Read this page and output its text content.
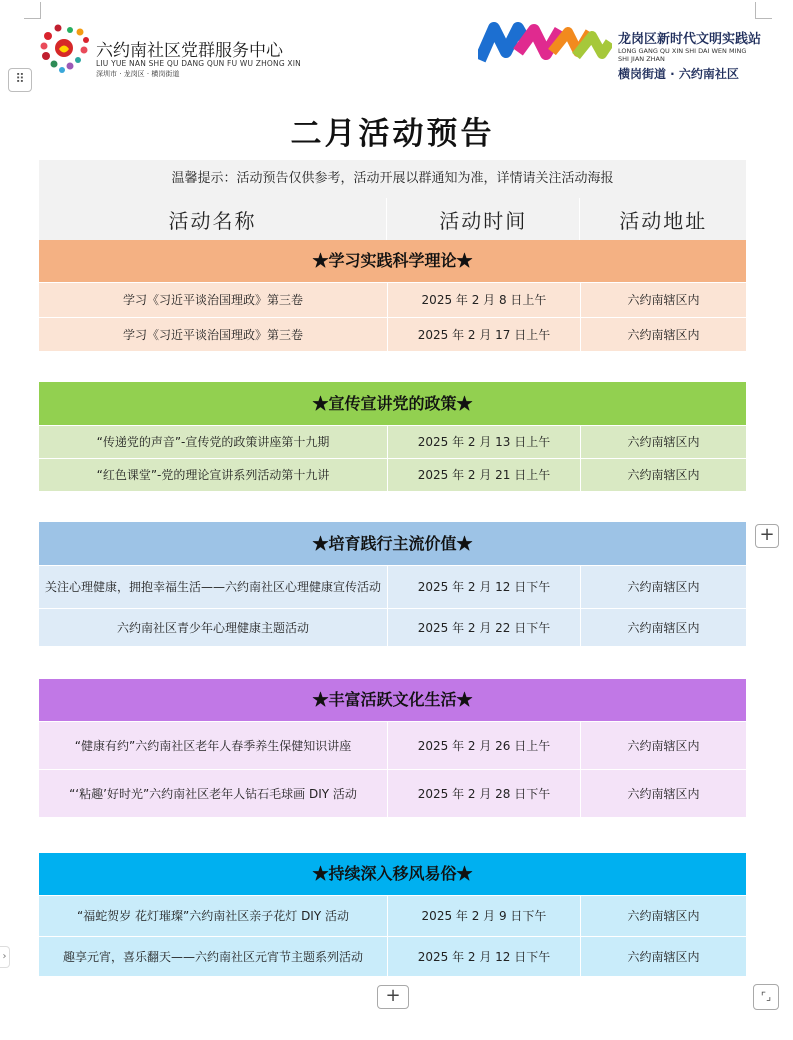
⠿
›
六约南社区党群服务中心
LIU YUE NAN SHE QU DANG QUN FU WU ZHONG XIN
深圳市 · 龙岗区 · 横岗街道
龙岗区新时代文明实践站
LONG GANG QU XIN SHI DAI WEN MING SHI JIAN ZHAN
横岗街道 · 六约南社区
二月活动预告
温馨提示：活动预告仅供参考，活动开展以群通知为准，详情请关注活动海报
活动名称	活动时间	活动地址
★学习实践科学理论★
学习《习近平谈治国理政》第三卷	2025 年 2 月 8 日上午	六约南辖区内
学习《习近平谈治国理政》第三卷	2025 年 2 月 17 日上午	六约南辖区内
★宣传宣讲党的政策★
“传递党的声音”-宣传党的政策讲座第十九期	2025 年 2 月 13 日上午	六约南辖区内
“红色课堂”-党的理论宣讲系列活动第十九讲	2025 年 2 月 21 日上午	六约南辖区内
★培育践行主流价值★
关注心理健康，拥抱幸福生活——六约南社区心理健康宣传活动	2025 年 2 月 12 日下午	六约南辖区内
六约南社区青少年心理健康主题活动	2025 年 2 月 22 日下午	六约南辖区内
★丰富活跃文化生活★
“健康有约”六约南社区老年人春季养生保健知识讲座	2025 年 2 月 26 日上午	六约南辖区内
“‘粘趣’好时光”六约南社区老年人钻石毛球画 DIY 活动	2025 年 2 月 28 日下午	六约南辖区内
★持续深入移风易俗★
“福蛇贺岁 花灯璀璨”六约南社区亲子花灯 DIY 活动	2025 年 2 月 9 日下午	六约南辖区内
趣享元宵，喜乐翻天——六约南社区元宵节主题系列活动	2025 年 2 月 12 日下午	六约南辖区内
+
+	⌜⌟
